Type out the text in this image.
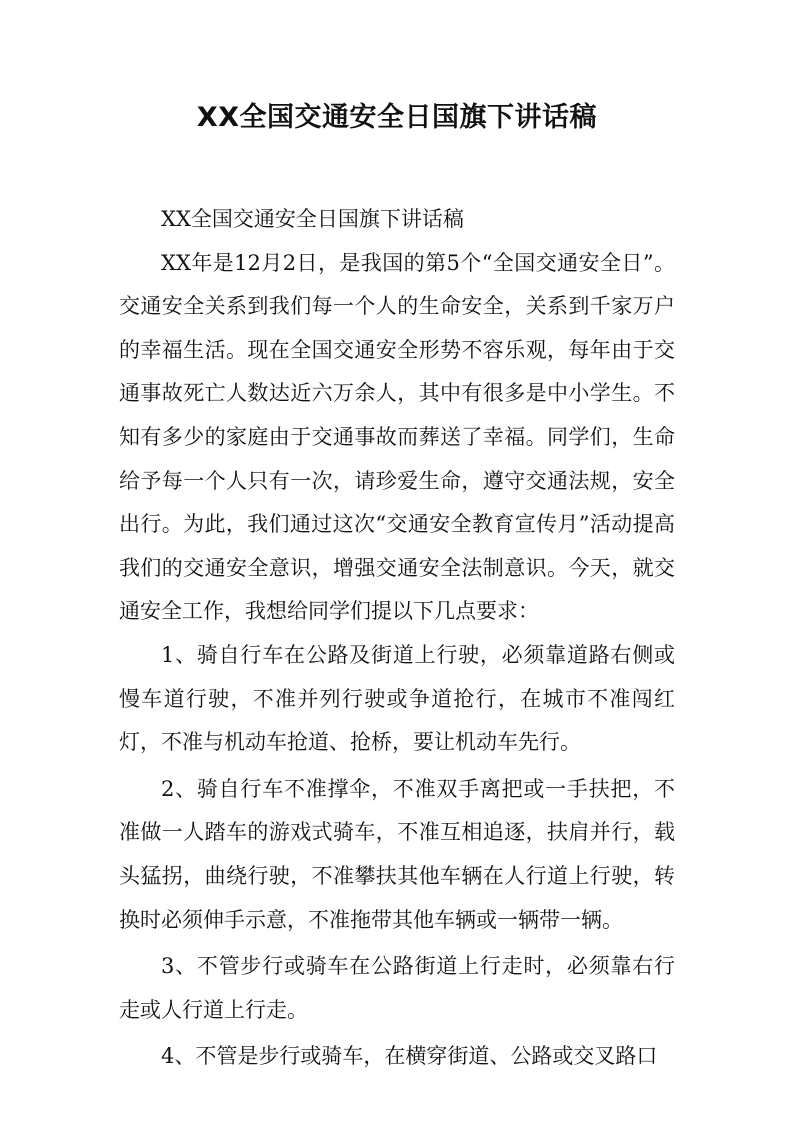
XX全国交通安全日国旗下讲话稿

XX全国交通安全日国旗下讲话稿

XX年是12月2日，是我国的第5个“全国交通安全日”。交通安全关系到我们每一个人的生命安全，关系到千家万户的幸福生活。现在全国交通安全形势不容乐观，每年由于交通事故死亡人数达近六万余人，其中有很多是中小学生。不知有多少的家庭由于交通事故而葬送了幸福。同学们，生命给予每一个人只有一次，请珍爱生命，遵守交通法规，安全出行。为此，我们通过这次“交通安全教育宣传月”活动提高我们的交通安全意识，增强交通安全法制意识。今天，就交通安全工作，我想给同学们提以下几点要求：

1、骑自行车在公路及街道上行驶，必须靠道路右侧或慢车道行驶，不准并列行驶或争道抢行，在城市不准闯红灯，不准与机动车抢道、抢桥，要让机动车先行。

2、骑自行车不准撑伞，不准双手离把或一手扶把，不准做一人踏车的游戏式骑车，不准互相追逐，扶肩并行，载头猛拐，曲绕行驶，不准攀扶其他车辆在人行道上行驶，转换时必须伸手示意，不准拖带其他车辆或一辆带一辆。

3、不管步行或骑车在公路街道上行走时，必须靠右行走或人行道上行走。

4、不管是步行或骑车，在横穿街道、公路或交叉路口
